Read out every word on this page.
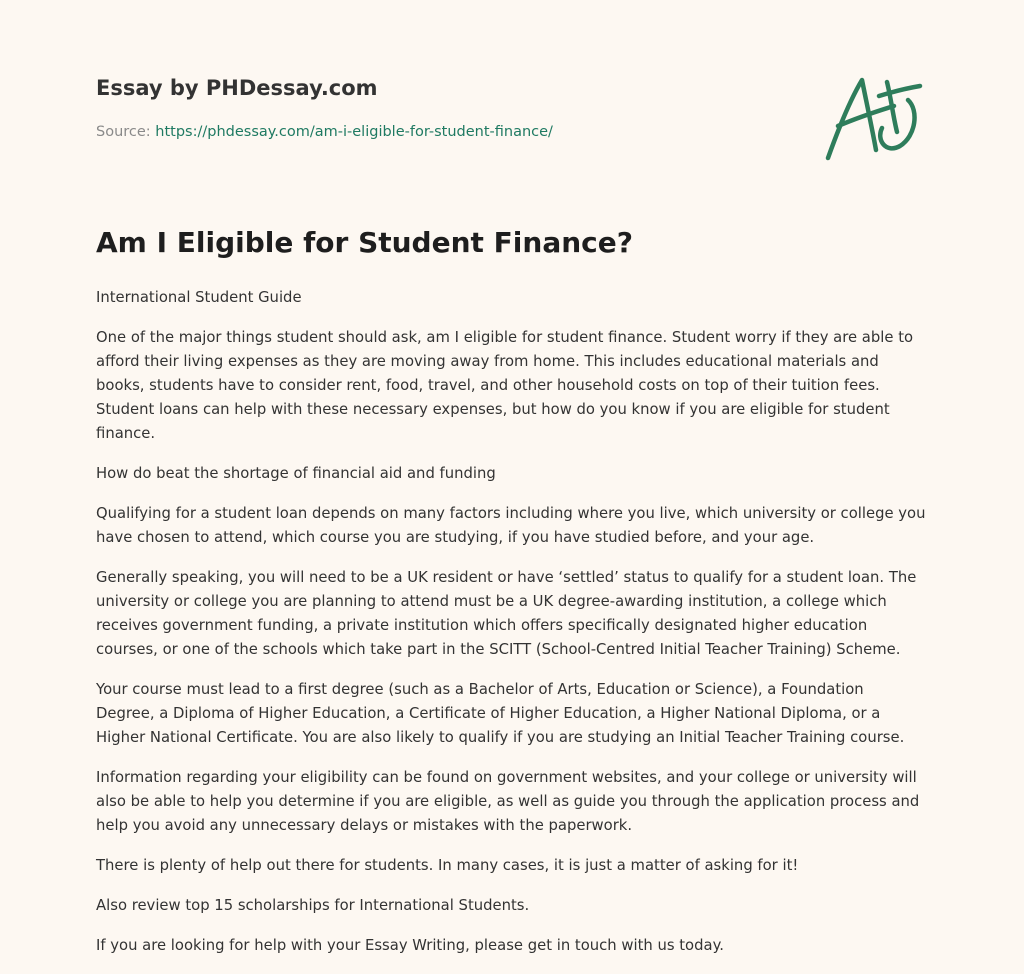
Essay by PHDessay.com
Source: https://phdessay.com/am-i-eligible-for-student-finance/
Am I Eligible for Student Finance?

International Student Guide

One of the major things student should ask, am I eligible for student finance. Student worry if they are able to afford their living expenses as they are moving away from home. This includes educational materials and books, students have to consider rent, food, travel, and other household costs on top of their tuition fees. Student loans can help with these necessary expenses, but how do you know if you are eligible for student finance.

How do beat the shortage of financial aid and funding

Qualifying for a student loan depends on many factors including where you live, which university or college you have chosen to attend, which course you are studying, if you have studied before, and your age.

Generally speaking, you will need to be a UK resident or have ‘settled’ status to qualify for a student loan. The university or college you are planning to attend must be a UK degree-awarding institution, a college which receives government funding, a private institution which offers specifically designated higher education courses, or one of the schools which take part in the SCITT (School-Centred Initial Teacher Training) Scheme.

Your course must lead to a first degree (such as a Bachelor of Arts, Education or Science), a Foundation Degree, a Diploma of Higher Education, a Certificate of Higher Education, a Higher National Diploma, or a Higher National Certificate. You are also likely to qualify if you are studying an Initial Teacher Training course.

Information regarding your eligibility can be found on government websites, and your college or university will also be able to help you determine if you are eligible, as well as guide you through the application process and help you avoid any unnecessary delays or mistakes with the paperwork.

There is plenty of help out there for students. In many cases, it is just a matter of asking for it!

Also review top 15 scholarships for International Students.

If you are looking for help with your Essay Writing, please get in touch with us today.
